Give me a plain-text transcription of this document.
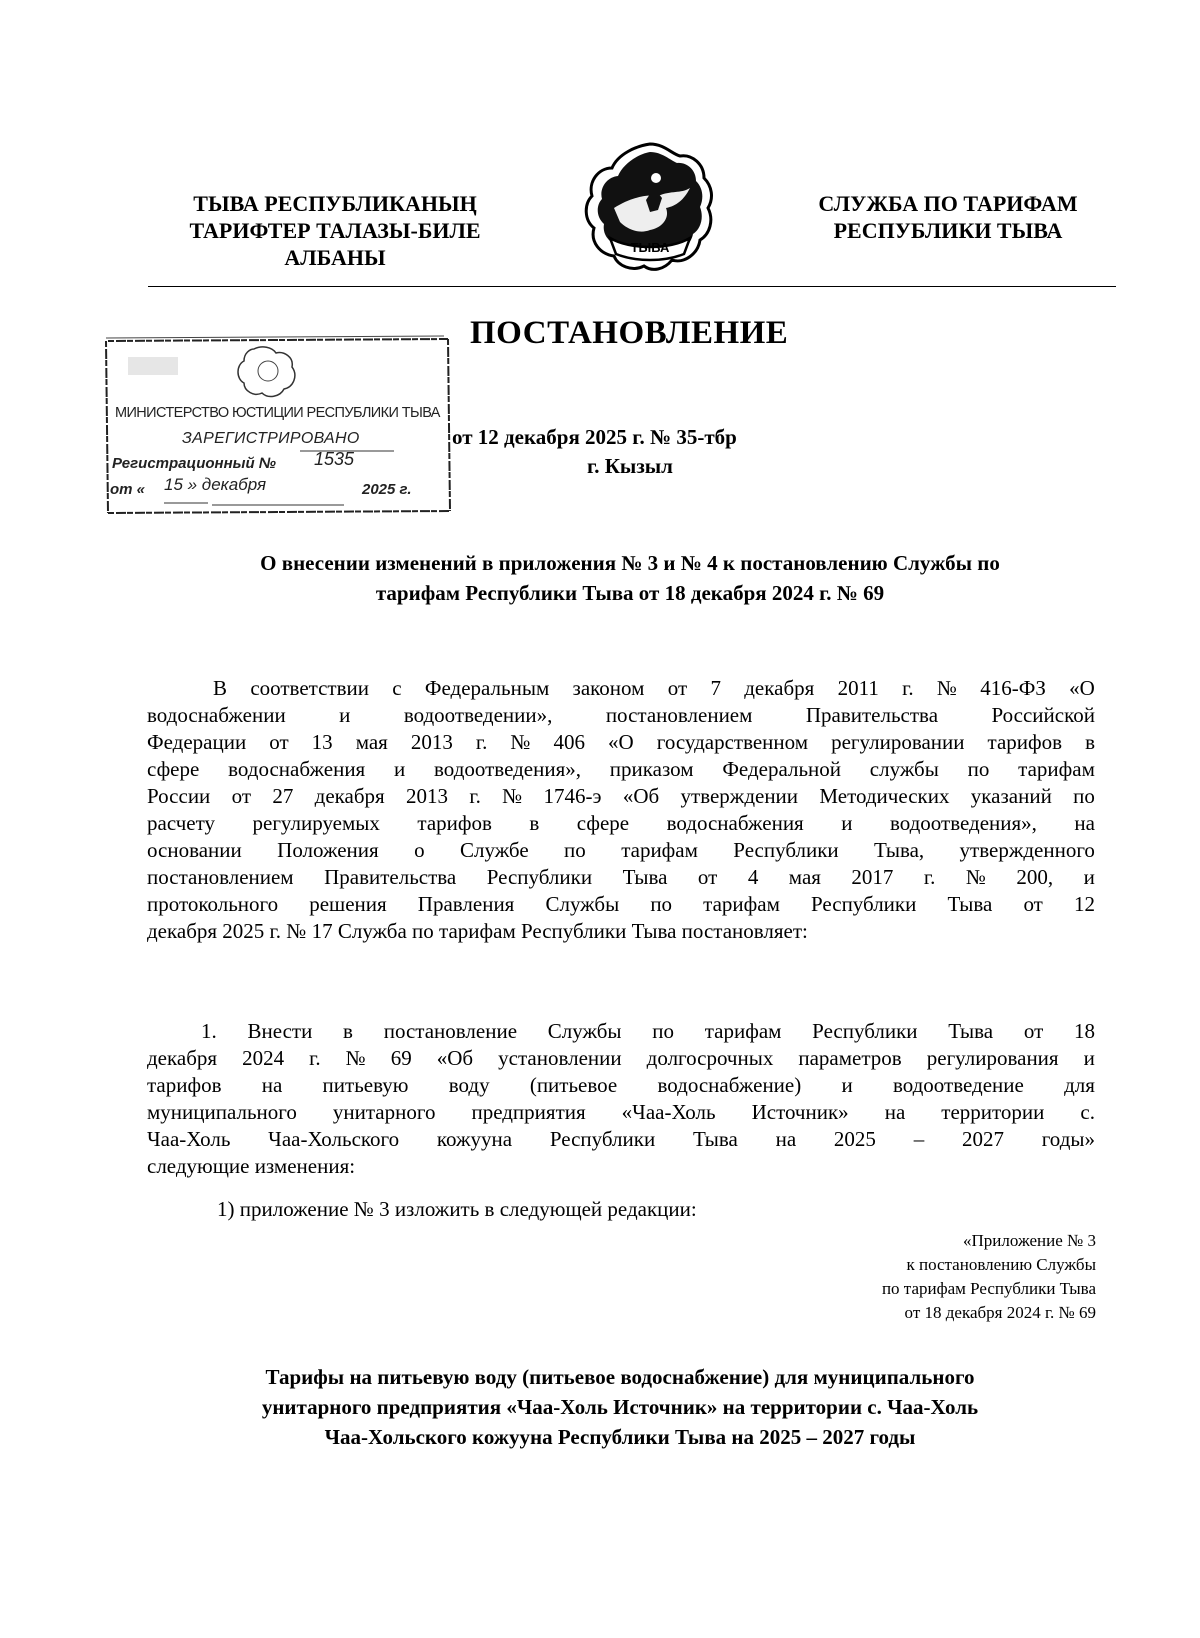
ТЫВА РЕСПУБЛИКАНЫҢ
ТАРИФТЕР ТАЛАЗЫ-БИЛЕ
АЛБАНЫ	ТЫВА
СЛУЖБА ПО ТАРИФАМ
РЕСПУБЛИКИ ТЫВА
ПОСТАНОВЛЕНИЕ
МИНИСТЕРСТВО ЮСТИЦИИ РЕСПУБЛИКИ ТЫВА
ЗАРЕГИСТРИРОВАНО
Регистрационный № 1535
от « 15 » декабря	2025 г.
от 12 декабря 2025 г. № 35-тбр
г. Кызыл
О внесении изменений в приложения № 3 и № 4 к постановлению Службы по
тарифам Республики Тыва от 18 декабря 2024 г. № 69
В соответствии с Федеральным законом от 7 декабря 2011 г. № 416-ФЗ «О
водоснабжении	и	водоотведении»,	постановлением	Правительства	Российской
Федерации от 13 мая 2013 г. № 406 «О государственном регулировании тарифов в
сфере водоснабжения и водоотведения», приказом Федеральной службы по тарифам
России от 27 декабря 2013 г. № 1746-э «Об утверждении Методических указаний по
расчету регулируемых тарифов в сфере водоснабжения и водоотведения», на
основании Положения о Службе по тарифам Республики Тыва, утвержденного
постановлением Правительства Республики Тыва от 4 мая 2017 г. № 200, и
протокольного решения Правления Службы по тарифам Республики Тыва от 12
декабря 2025 г. № 17 Служба по тарифам Республики Тыва постановляет:
1. Внести в постановление Службы по тарифам Республики Тыва от 18
декабря 2024 г. № 69 «Об установлении долгосрочных параметров регулирования и
тарифов на питьевую воду (питьевое водоснабжение) и водоотведение для
муниципального унитарного предприятия «Чаа-Холь Источник» на территории с.
Чаа-Холь Чаа-Хольского кожууна Республики Тыва на 2025 – 2027 годы»
следующие изменения:
1) приложение № 3 изложить в следующей редакции:
«Приложение № 3
к постановлению Службы
по тарифам Республики Тыва
от 18 декабря 2024 г. № 69
Тарифы на питьевую воду (питьевое водоснабжение) для муниципального
унитарного предприятия «Чаа-Холь Источник» на территории с. Чаа-Холь
Чаа-Хольского кожууна Республики Тыва на 2025 – 2027 годы
